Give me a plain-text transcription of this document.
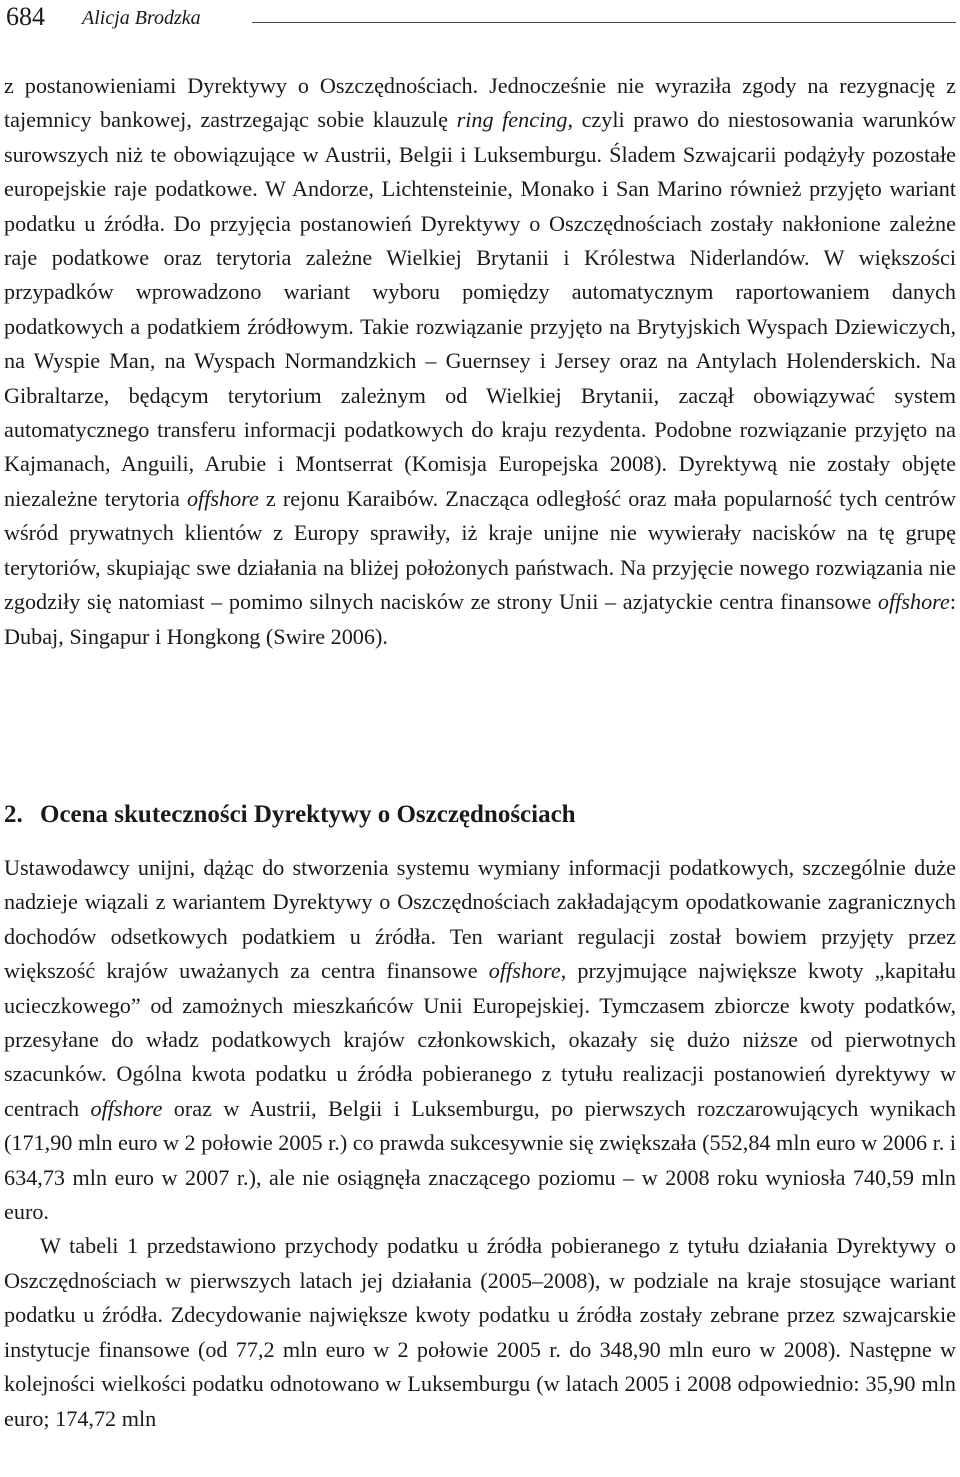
684 Alicja Brodzka

z postanowieniami Dyrektywy o Oszczędnościach. Jednocześnie nie wyraziła zgody na rezygnację z tajemnicy bankowej, zastrzegając sobie klauzulę ring fencing, czyli prawo do niestosowania warunków surowszych niż te obowiązujące w Austrii, Belgii i Luksemburgu. Śladem Szwajcarii podążyły pozostałe europejskie raje podatkowe. W Andorze, Lichtensteinie, Monako i San Marino również przyjęto wariant podatku u źródła. Do przyjęcia postanowień Dyrektywy o Oszczędnościach zostały nakłonione zależne raje podatkowe oraz terytoria zależne Wielkiej Brytanii i Królestwa Niderlandów. W większości przypadków wprowadzono wariant wyboru pomiędzy automatycznym raportowaniem danych podatkowych a podatkiem źródłowym. Takie rozwiązanie przyjęto na Brytyjskich Wyspach Dziewiczych, na Wyspie Man, na Wyspach Normandzkich – Guernsey i Jersey oraz na Antylach Holenderskich. Na Gibraltarze, będącym terytorium zależnym od Wielkiej Brytanii, zaczął obowiązywać system automatycznego transferu informacji podatkowych do kraju rezydenta. Podobne rozwiązanie przyjęto na Kajmanach, Anguili, Arubie i Montserrat (Komisja Europejska 2008). Dyrektywą nie zostały objęte niezależne terytoria offshore z rejonu Karaibów. Znacząca odległość oraz mała popularność tych centrów wśród prywatnych klientów z Europy sprawiły, iż kraje unijne nie wywierały nacisków na tę grupę terytoriów, skupiając swe działania na bliżej położonych państwach. Na przyjęcie nowego rozwiązania nie zgodziły się natomiast – pomimo silnych nacisków ze strony Unii – azjatyckie centra finansowe offshore: Dubaj, Singapur i Hongkong (Swire 2006).

2. Ocena skuteczności Dyrektywy o Oszczędnościach

Ustawodawcy unijni, dążąc do stworzenia systemu wymiany informacji podatkowych, szczególnie duże nadzieje wiązali z wariantem Dyrektywy o Oszczędnościach zakładającym opodatkowanie zagranicznych dochodów odsetkowych podatkiem u źródła. Ten wariant regulacji został bowiem przyjęty przez większość krajów uważanych za centra finansowe offshore, przyjmujące największe kwoty „kapitału ucieczkowego” od zamożnych mieszkańców Unii Europejskiej. Tymczasem zbiorcze kwoty podatków, przesyłane do władz podatkowych krajów członkowskich, okazały się dużo niższe od pierwotnych szacunków. Ogólna kwota podatku u źródła pobieranego z tytułu realizacji postanowień dyrektywy w centrach offshore oraz w Austrii, Belgii i Luksemburgu, po pierwszych rozczarowujących wynikach (171,90 mln euro w 2 połowie 2005 r.) co prawda sukcesywnie się zwiększała (552,84 mln euro w 2006 r. i 634,73 mln euro w 2007 r.), ale nie osiągnęła znaczącego poziomu – w 2008 roku wyniosła 740,59 mln euro.

W tabeli 1 przedstawiono przychody podatku u źródła pobieranego z tytułu działania Dyrektywy o Oszczędnościach w pierwszych latach jej działania (2005–2008), w podziale na kraje stosujące wariant podatku u źródła. Zdecydowanie największe kwoty podatku u źródła zostały zebrane przez szwajcarskie instytucje finansowe (od 77,2 mln euro w 2 połowie 2005 r. do 348,90 mln euro w 2008). Następne w kolejności wielkości podatku odnotowano w Luksemburgu (w latach 2005 i 2008 odpowiednio: 35,90 mln euro; 174,72 mln
